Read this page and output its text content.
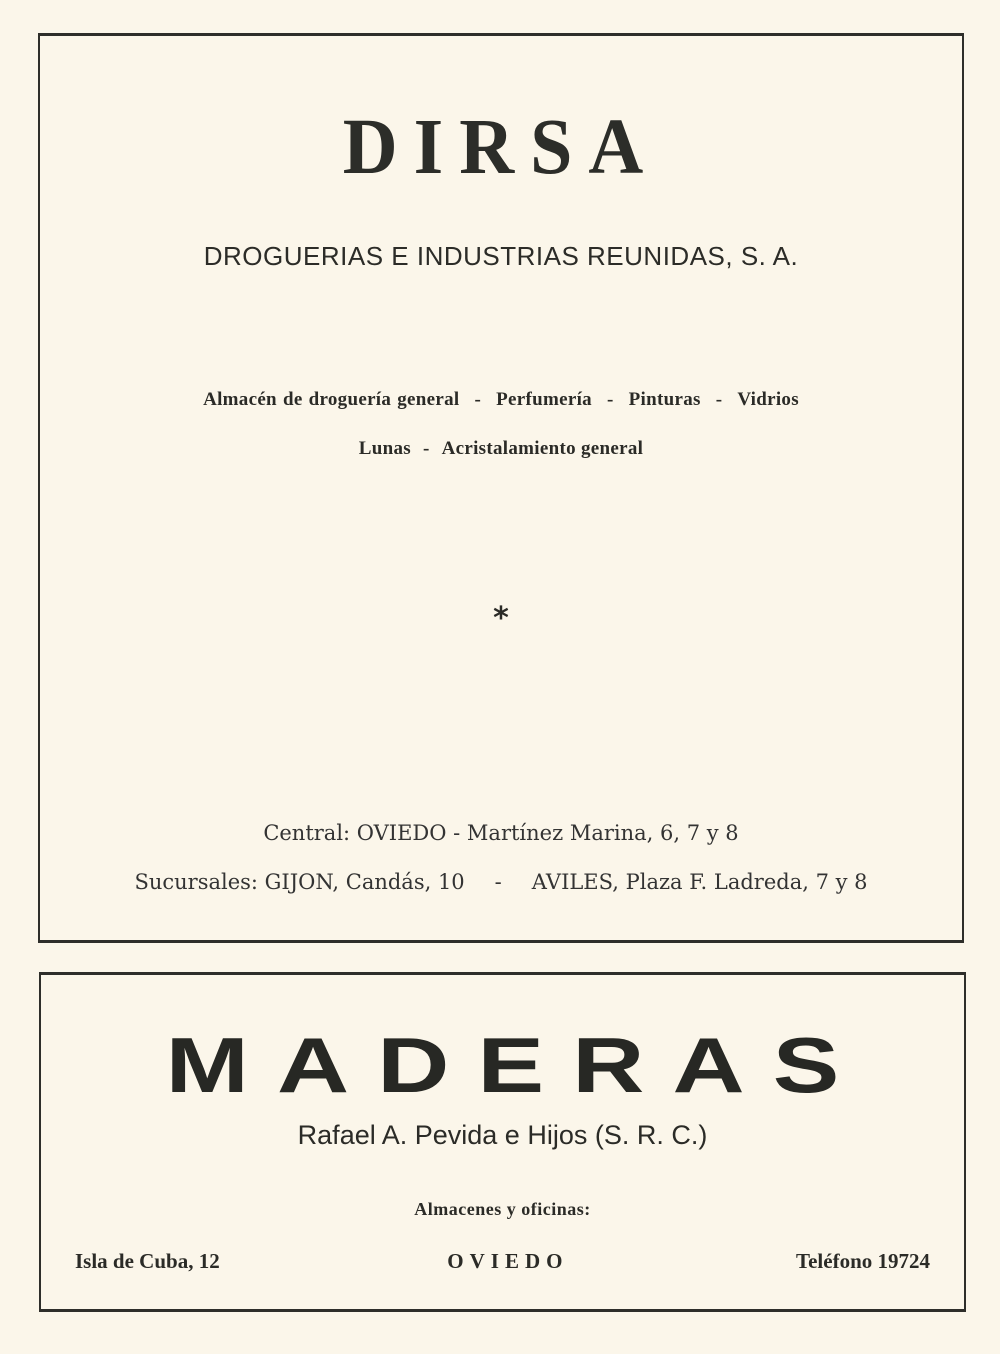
DIRSA
DROGUERIAS E INDUSTRIAS REUNIDAS, S. A.
Almacén de droguería general - Perfumería - Pinturas - Vidrios
Lunas - Acristalamiento general
*
Central: OVIEDO - Martínez Marina, 6, 7 y 8
Sucursales: GIJON, Candás, 10 - AVILES, Plaza F. Ladreda, 7 y 8
MADERAS
Rafael A. Pevida e Hijos (S. R. C.)
Almacenes y oficinas:
Isla de Cuba, 12	OVIEDO	Teléfono 19724
